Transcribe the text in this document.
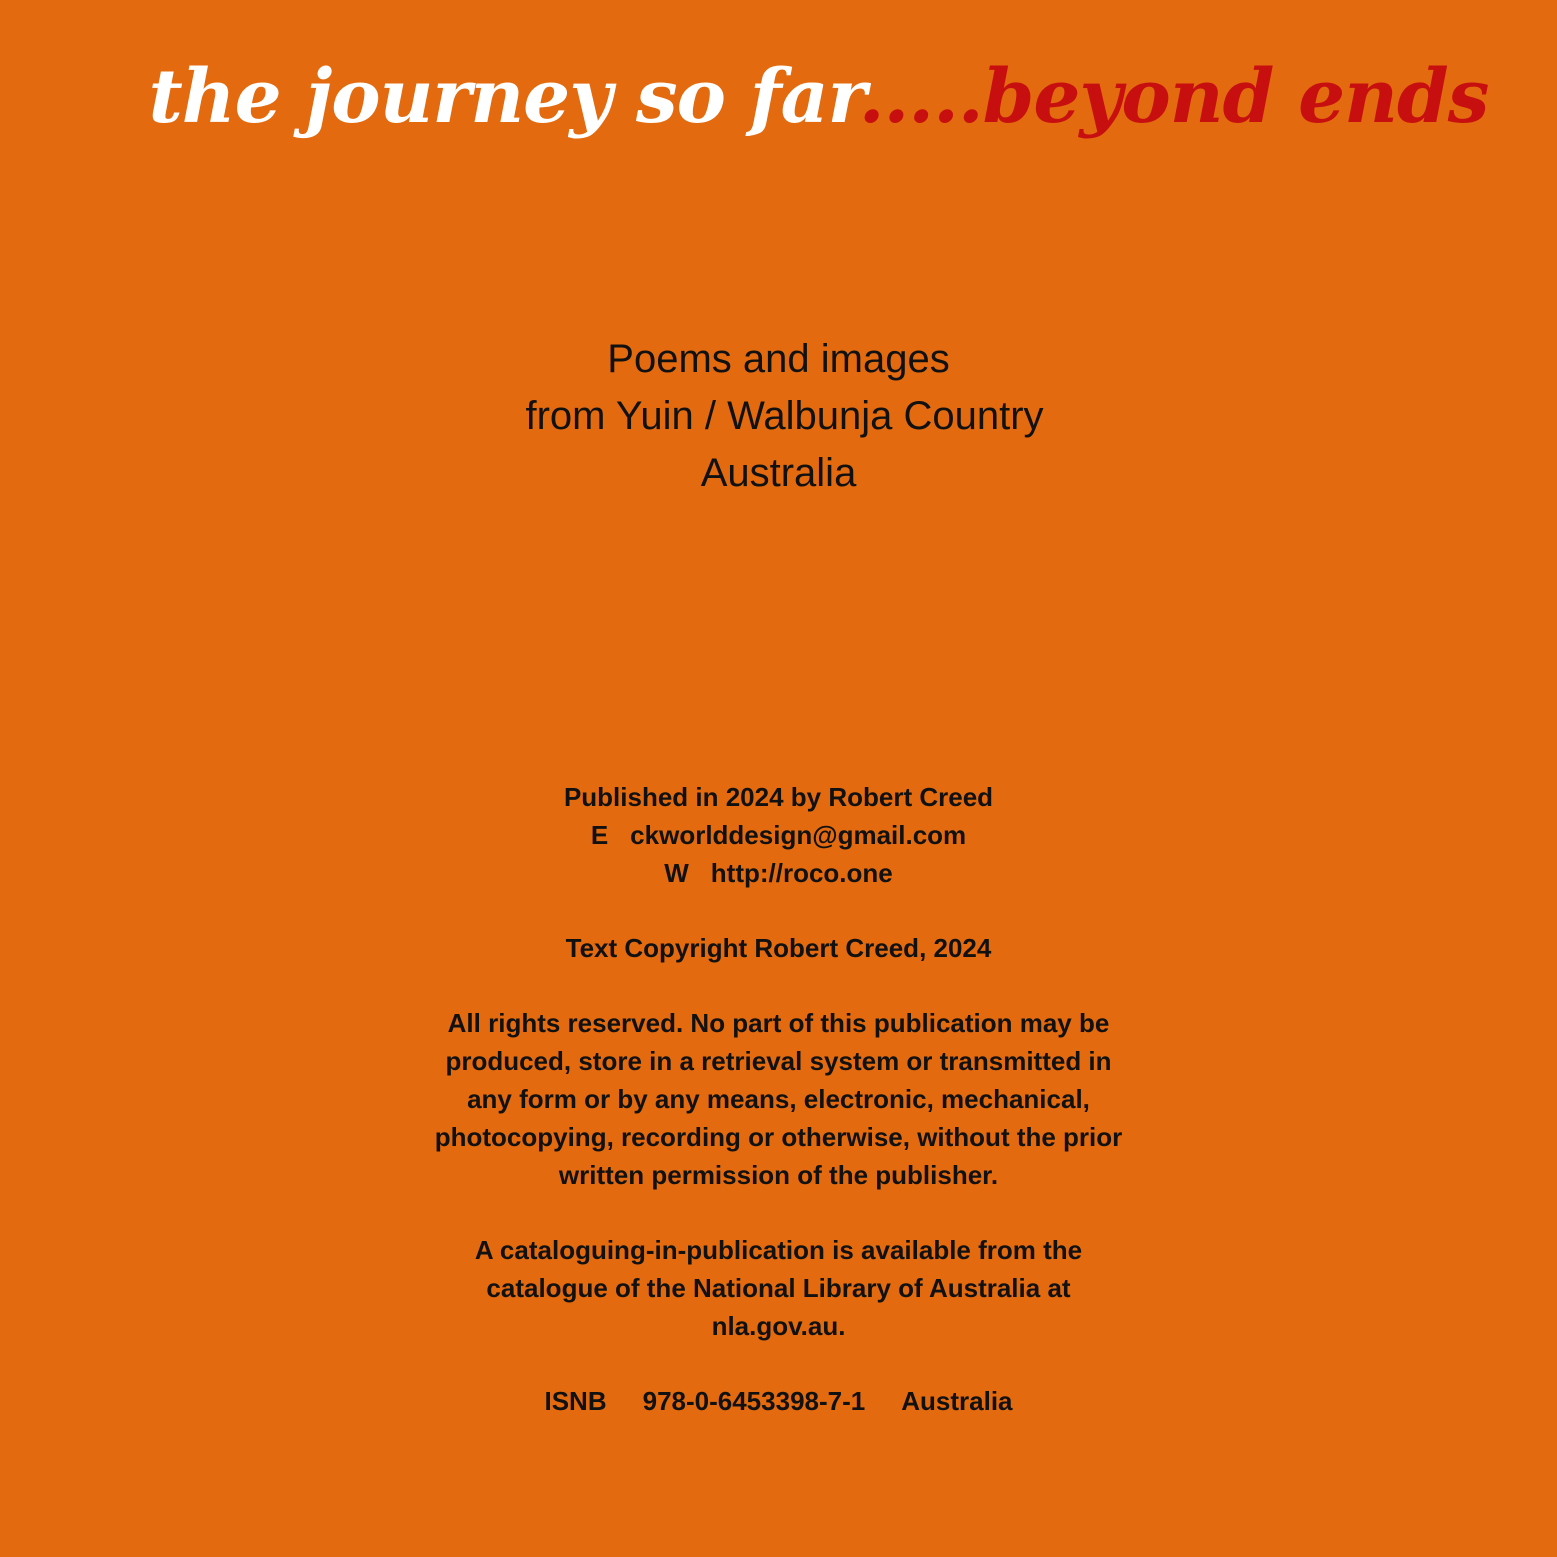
the journey so far.....beyond ends
Poems and images
from Yuin / Walbunja Country
Australia
Published in 2024 by Robert Creed
E ckworlddesign@gmail.com
W http://roco.one
Text Copyright Robert Creed, 2024
All rights reserved. No part of this publication may be
produced, store in a retrieval system or transmitted in
any form or by any means, electronic, mechanical,
photocopying, recording or otherwise, without the prior
written permission of the publisher.
A cataloguing-in-publication is available from the
catalogue of the National Library of Australia at
nla.gov.au.
ISNB 978-0-6453398-7-1 Australia
